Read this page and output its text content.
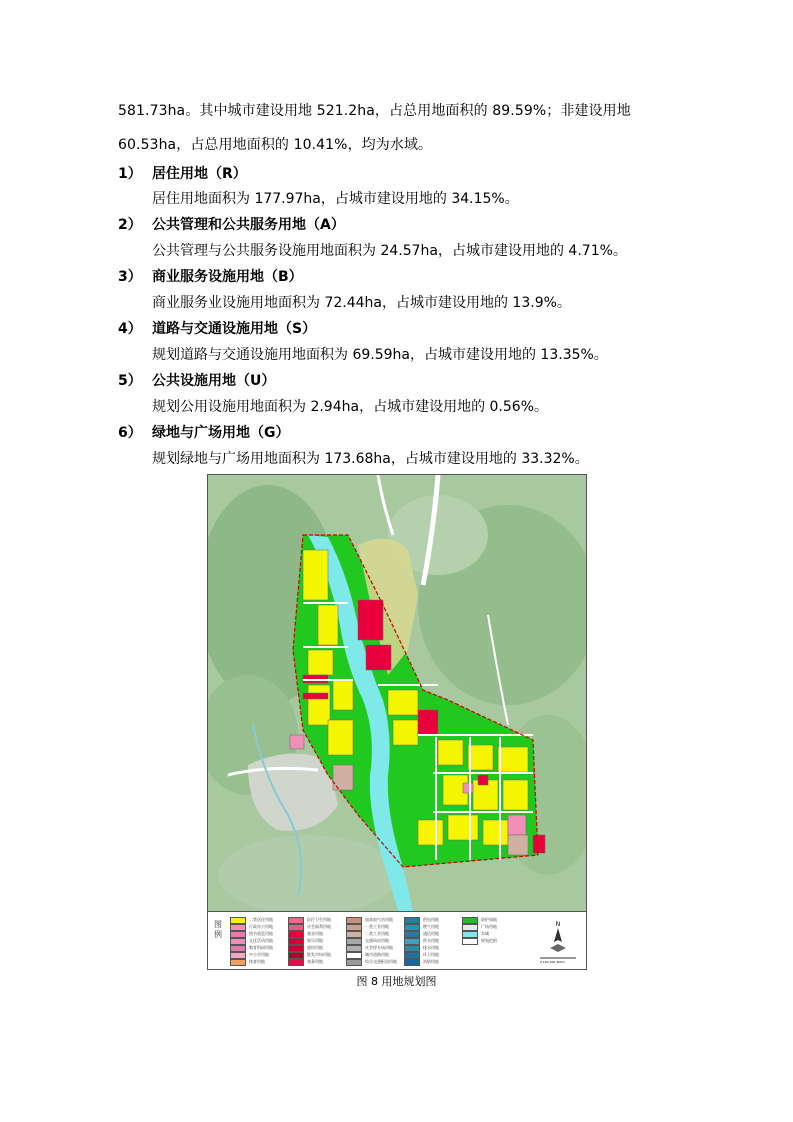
581.73ha。其中城市建设用地 521.2ha，占总用地面积的 89.59%；非建设用地
60.53ha，占总用地面积的 10.41%，均为水域。
1） 居住用地（R）
居住用地面积为 177.97ha，占城市建设用地的 34.15%。
2） 公共管理和公共服务用地（A）
公共管理与公共服务设施用地面积为 24.57ha，占城市建设用地的 4.71%。
3） 商业服务设施用地（B）
商业服务业设施用地面积为 72.44ha，占城市建设用地的 13.9%。
4） 道路与交通设施用地（S）
规划道路与交通设施用地面积为 69.59ha，占城市建设用地的 13.35%。
5） 公共设施用地（U）
规划公用设施用地面积为 2.94ha，占城市建设用地的 0.56%。
6） 绿地与广场用地（G）
规划绿地与广场用地面积为 173.68ha，占城市建设用地的 33.32%。
图例
二类居住用地
行政办公用地
图书展览用地
文化活动用地
教育科研用地
中小学用地
体育用地
医疗卫生用地
社会福利用地
商业用地
娱乐用地
旅馆用地
批发市场用地
商务用地
加油加气站用地
一类工业用地
二类工业用地
交通场站用地
社会停车场用地
城市道路用地
综合交通枢纽用地
供电用地
燃气用地
通信用地
供水用地
排水用地
环卫用地
消防用地
防护绿地
广场用地
水域
规划范围
N
0 100 200 400m
图 8 用地规划图
